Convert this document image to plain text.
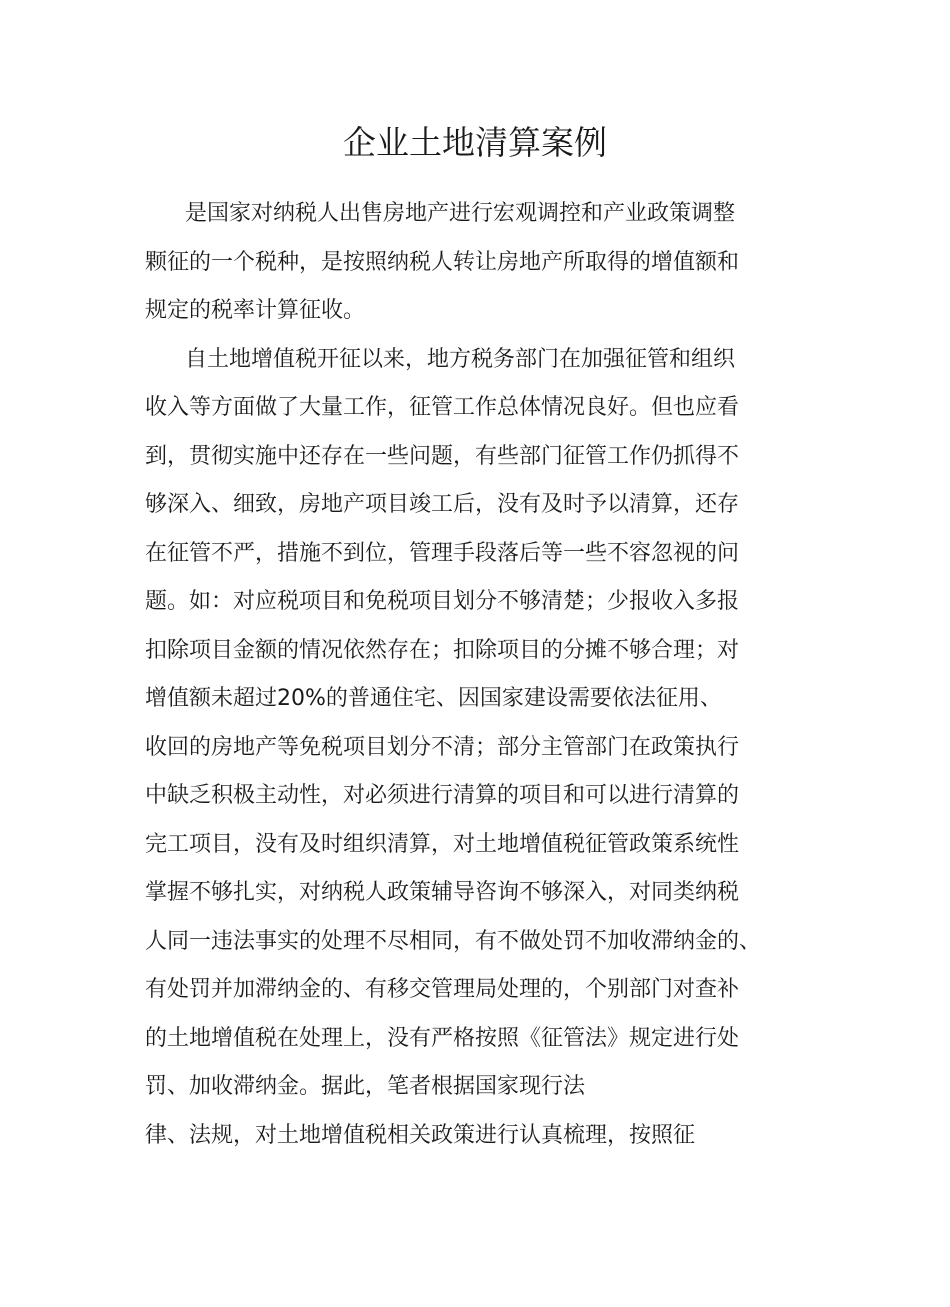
企业土地清算案例
是国家对纳税人出售房地产进行宏观调控和产业政策调整
颗征的一个税种，是按照纳税人转让房地产所取得的增值额和
规定的税率计算征收。
自土地增值税开征以来，地方税务部门在加强征管和组织
收入等方面做了大量工作，征管工作总体情况良好。但也应看
到，贯彻实施中还存在一些问题，有些部门征管工作仍抓得不
够深入、细致，房地产项目竣工后，没有及时予以清算，还存
在征管不严，措施不到位，管理手段落后等一些不容忽视的问
题。如：对应税项目和免税项目划分不够清楚；少报收入多报
扣除项目金额的情况依然存在；扣除项目的分摊不够合理；对
增值额未超过20%的普通住宅、因国家建设需要依法征用、
收回的房地产等免税项目划分不清；部分主管部门在政策执行
中缺乏积极主动性，对必须进行清算的项目和可以进行清算的
完工项目，没有及时组织清算，对土地增值税征管政策系统性
掌握不够扎实，对纳税人政策辅导咨询不够深入，对同类纳税
人同一违法事实的处理不尽相同，有不做处罚不加收滞纳金的、
有处罚并加滞纳金的、有移交管理局处理的，个别部门对查补
的土地增值税在处理上，没有严格按照《征管法》规定进行处
罚、加收滞纳金。据此，笔者根据国家现行法
律、法规，对土地增值税相关政策进行认真梳理，按照征
